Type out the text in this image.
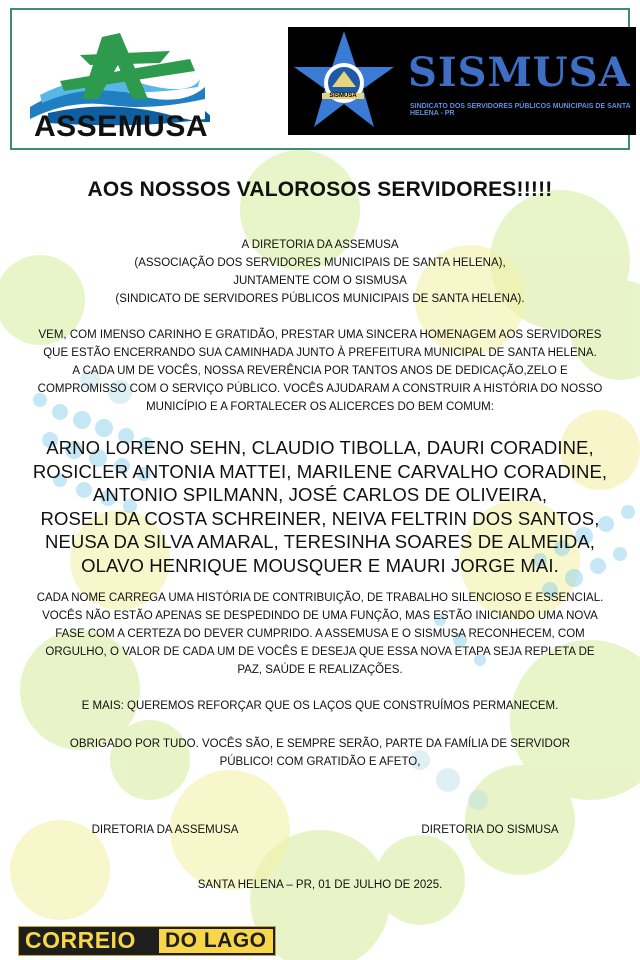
ASSEMUSA
SISMUSA SISMUSA
SINDICATO DOS SERVIDORES PÚBLICOS MUNICIPAIS DE SANTA HELENA - PR
AOS NOSSOS VALOROSOS SERVIDORES!!!!!
A DIRETORIA DA ASSEMUSA
(ASSOCIAÇÃO DOS SERVIDORES MUNICIPAIS DE SANTA HELENA),
JUNTAMENTE COM O SISMUSA
(SINDICATO DE SERVIDORES PÚBLICOS MUNICIPAIS DE SANTA HELENA).
VEM, COM IMENSO CARINHO E GRATIDÃO, PRESTAR UMA SINCERA HOMENAGEM AOS SERVIDORES
QUE ESTÃO ENCERRANDO SUA CAMINHADA JUNTO À PREFEITURA MUNICIPAL DE SANTA HELENA.
A CADA UM DE VOCÊS, NOSSA REVERÊNCIA POR TANTOS ANOS DE DEDICAÇÃO,ZELO E
COMPROMISSO COM O SERVIÇO PÚBLICO. VOCÊS AJUDARAM A CONSTRUIR A HISTÓRIA DO NOSSO
MUNICÍPIO E A FORTALECER OS ALICERCES DO BEM COMUM:
ARNO LORENO SEHN, CLAUDIO TIBOLLA, DAURI CORADINE,
ROSICLER ANTONIA MATTEI, MARILENE CARVALHO CORADINE,
ANTONIO SPILMANN, JOSÉ CARLOS DE OLIVEIRA,
ROSELI DA COSTA SCHREINER, NEIVA FELTRIN DOS SANTOS,
NEUSA DA SILVA AMARAL, TERESINHA SOARES DE ALMEIDA,
OLAVO HENRIQUE MOUSQUER E MAURI JORGE MAI.
CADA NOME CARREGA UMA HISTÓRIA DE CONTRIBUIÇÃO, DE TRABALHO SILENCIOSO E ESSENCIAL.
VOCÊS NÃO ESTÃO APENAS SE DESPEDINDO DE UMA FUNÇÃO, MAS ESTÃO INICIANDO UMA NOVA
FASE COM A CERTEZA DO DEVER CUMPRIDO. A ASSEMUSA E O SISMUSA RECONHECEM, COM
ORGULHO, O VALOR DE CADA UM DE VOCÊS E DESEJA QUE ESSA NOVA ETAPA SEJA REPLETA DE
PAZ, SAÚDE E REALIZAÇÕES.
E MAIS: QUEREMOS REFORÇAR QUE OS LAÇOS QUE CONSTRUÍMOS PERMANECEM.
OBRIGADO POR TUDO. VOCÊS SÃO, E SEMPRE SERÃO, PARTE DA FAMÍLIA DE SERVIDOR
PÚBLICO! COM GRATIDÃO E AFETO,
DIRETORIA DA ASSEMUSA	DIRETORIA DO SISMUSA
SANTA HELENA – PR, 01 DE JULHO DE 2025.
CORREIO DO LAGO
